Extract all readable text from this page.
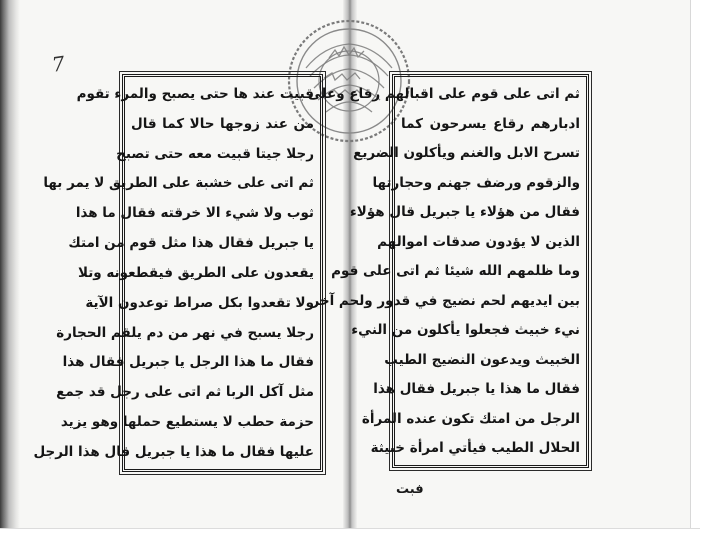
7
قبيت عند ها حتى يصبح والمرء تقوم
من عند زوجها حالا كما قال
رجلا جيتا قبيت معه حتى تصبح
ثم اتى على خشبة على الطريق لا يمر بها
ثوب ولا شيء الا خرقته فقال ما هذا
يا جبريل فقال هذا مثل قوم من امتك
يقعدون على الطريق فيقطعونه وتلا
ولا تقعدوا بكل صراط توعدون الآية
رجلا يسبح في نهر من دم يلقم الحجارة
فقال ما هذا الرجل يا جبريل فقال هذا
مثل آكل الربا ثم اتى على رجل قد جمع
حزمة حطب لا يستطيع حملها وهو يزيد
عليها فقال ما هذا يا جبريل قال هذا الرجل
ثم اتى على قوم على اقبالهم رقاع وعلى
ادبارهم رقاع يسرحون كما
تسرح الابل والغنم ويأكلون الضريع
والزقوم ورضف جهنم وحجارتها
فقال من هؤلاء يا جبريل قال هؤلاء
الذين لا يؤدون صدقات اموالهم
وما ظلمهم الله شيئا ثم اتى على قوم
بين ايديهم لحم نضيج في قدور ولحم آخر
نيء خبيث فجعلوا يأكلون من النيء
الخبيث ويدعون النضيج الطيب
فقال ما هذا يا جبريل فقال هذا
الرجل من امتك تكون عنده المرأة
الحلال الطيب فيأتي امرأة خبيثة
فبت
